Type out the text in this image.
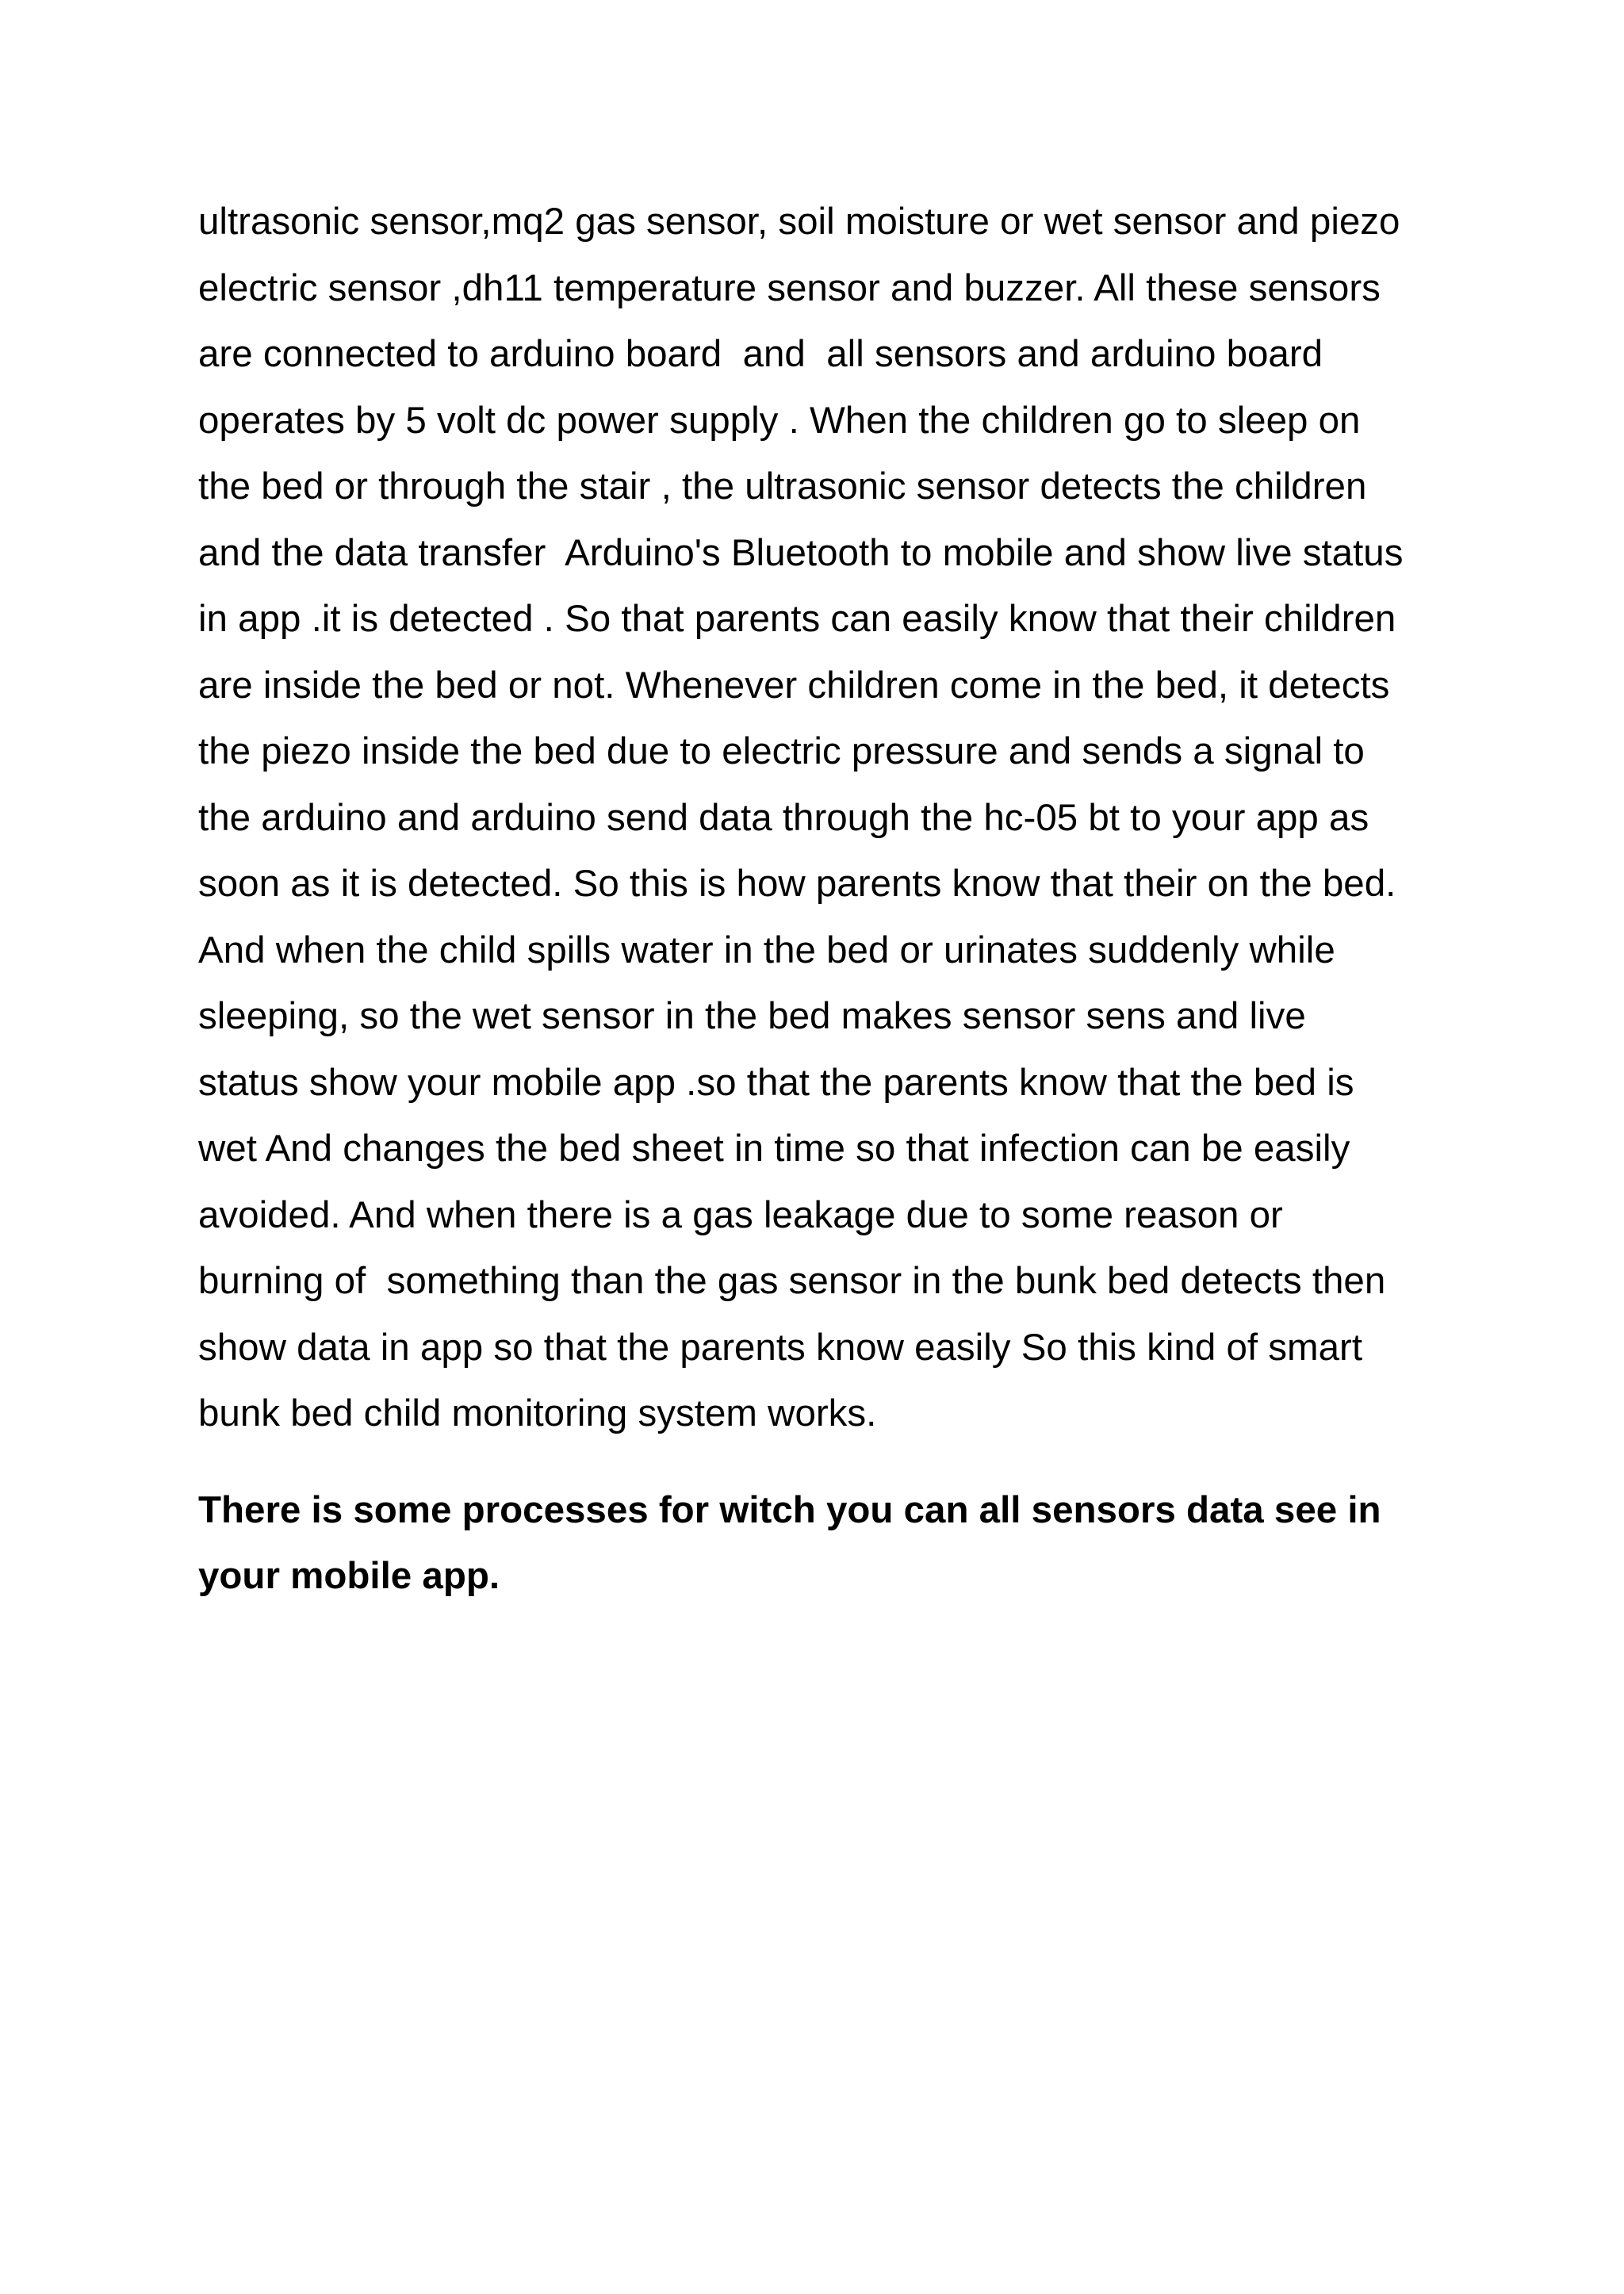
ultrasonic sensor,mq2 gas sensor, soil moisture or wet sensor and piezo
electric sensor ,dh11 temperature sensor and buzzer. All these sensors
are connected to arduino board  and  all sensors and arduino board
operates by 5 volt dc power supply . When the children go to sleep on
the bed or through the stair , the ultrasonic sensor detects the children
and the data transfer  Arduino's Bluetooth to mobile and show live status
in app .it is detected . So that parents can easily know that their children
are inside the bed or not. Whenever children come in the bed, it detects
the piezo inside the bed due to electric pressure and sends a signal to
the arduino and arduino send data through the hc-05 bt to your app as
soon as it is detected. So this is how parents know that their on the bed.
And when the child spills water in the bed or urinates suddenly while
sleeping, so the wet sensor in the bed makes sensor sens and live
status show your mobile app .so that the parents know that the bed is
wet And changes the bed sheet in time so that infection can be easily
avoided. And when there is a gas leakage due to some reason or
burning of  something than the gas sensor in the bunk bed detects then
show data in app so that the parents know easily So this kind of smart
bunk bed child monitoring system works.
There is some processes for witch you can all sensors data see in
your mobile app.
